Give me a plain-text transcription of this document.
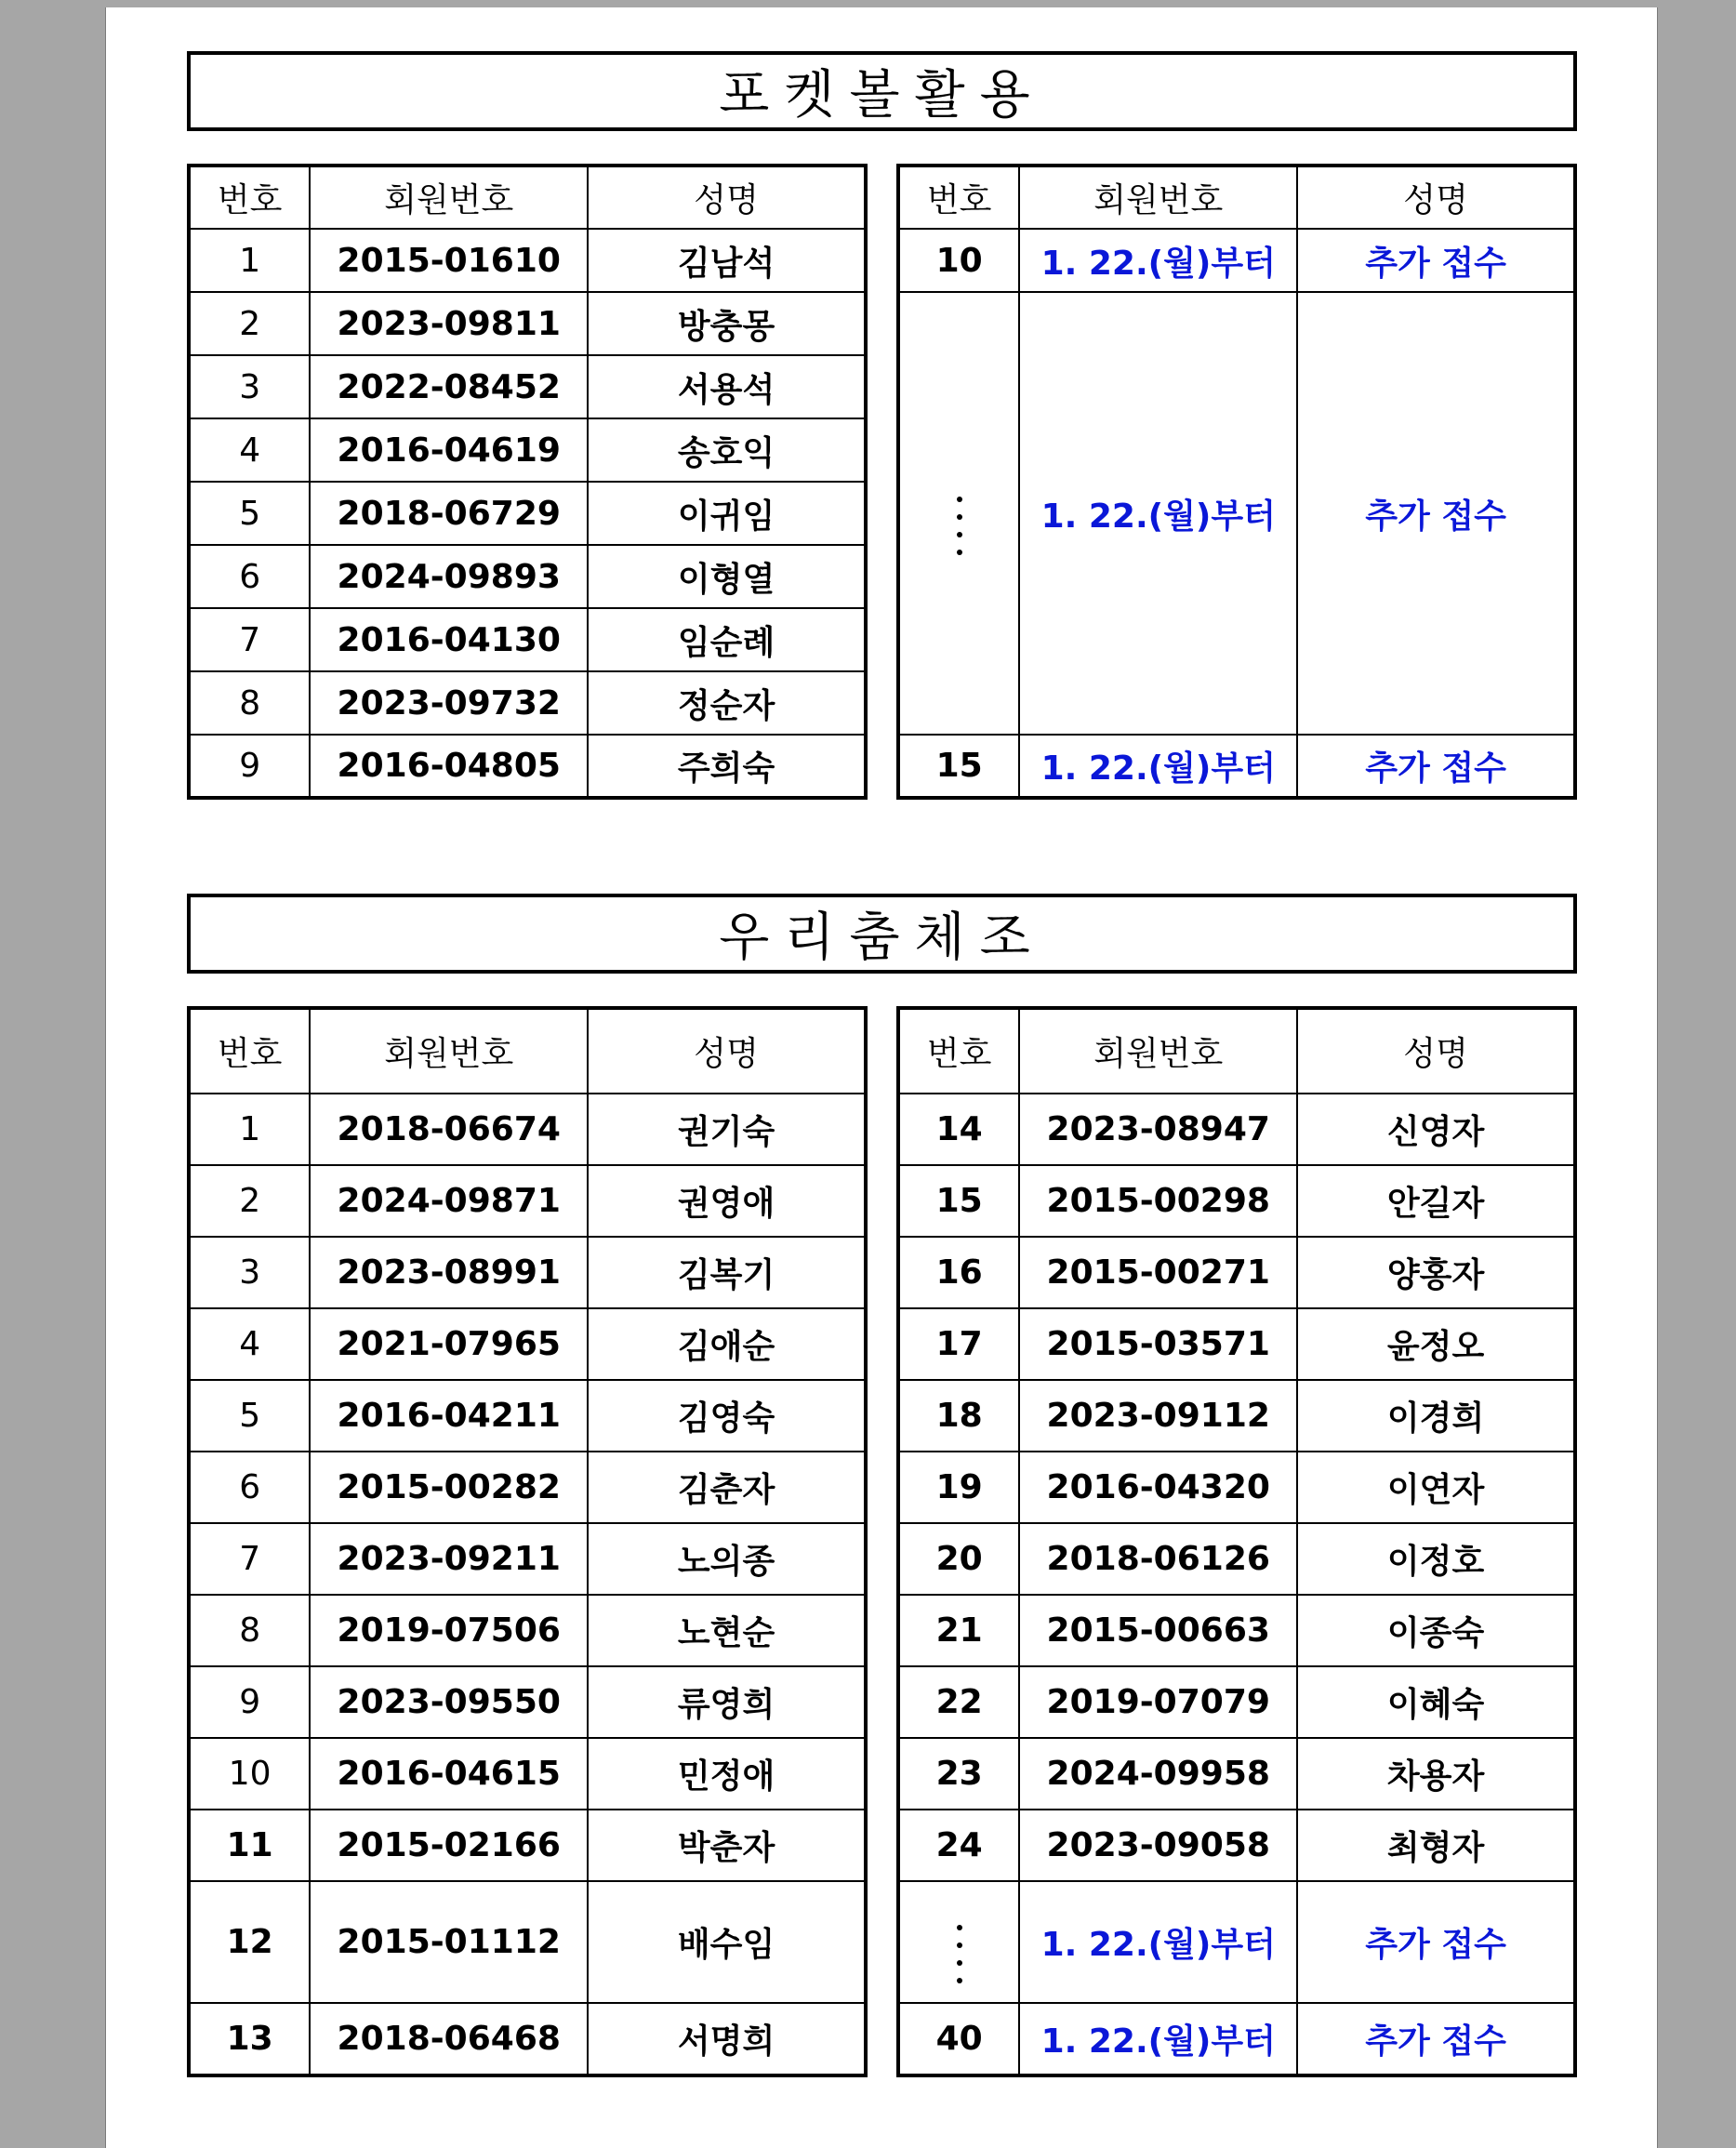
포켓볼활용
번호	회원번호	성명
1	2015-01610	김남석
2	2023-09811	방충몽
3	2022-08452	서용석
4	2016-04619	송호익
5	2018-06729	이귀임
6	2024-09893	이형열
7	2016-04130	임순례
8	2023-09732	정순자
9	2016-04805	주희숙
번호	회원번호	성명
10	1. 22.(월)부터	추가 접수

	1. 22.(월)부터	추가 접수
15	1. 22.(월)부터	추가 접수
우리춤체조
번호	회원번호	성명
1	2018-06674	권기숙
2	2024-09871	권영애
3	2023-08991	김복기
4	2021-07965	김애순
5	2016-04211	김영숙
6	2015-00282	김춘자
7	2023-09211	노의종
8	2019-07506	노현순
9	2023-09550	류영희
10	2016-04615	민정애
11	2015-02166	박춘자
12	2015-01112	배수임
13	2018-06468	서명희
번호	회원번호	성명
14	2023-08947	신영자
15	2015-00298	안길자
16	2015-00271	양홍자
17	2015-03571	윤정오
18	2023-09112	이경희
19	2016-04320	이연자
20	2018-06126	이정호
21	2015-00663	이종숙
22	2019-07079	이혜숙
23	2024-09958	차용자
24	2023-09058	최형자

	1. 22.(월)부터	추가 접수
40	1. 22.(월)부터	추가 접수
